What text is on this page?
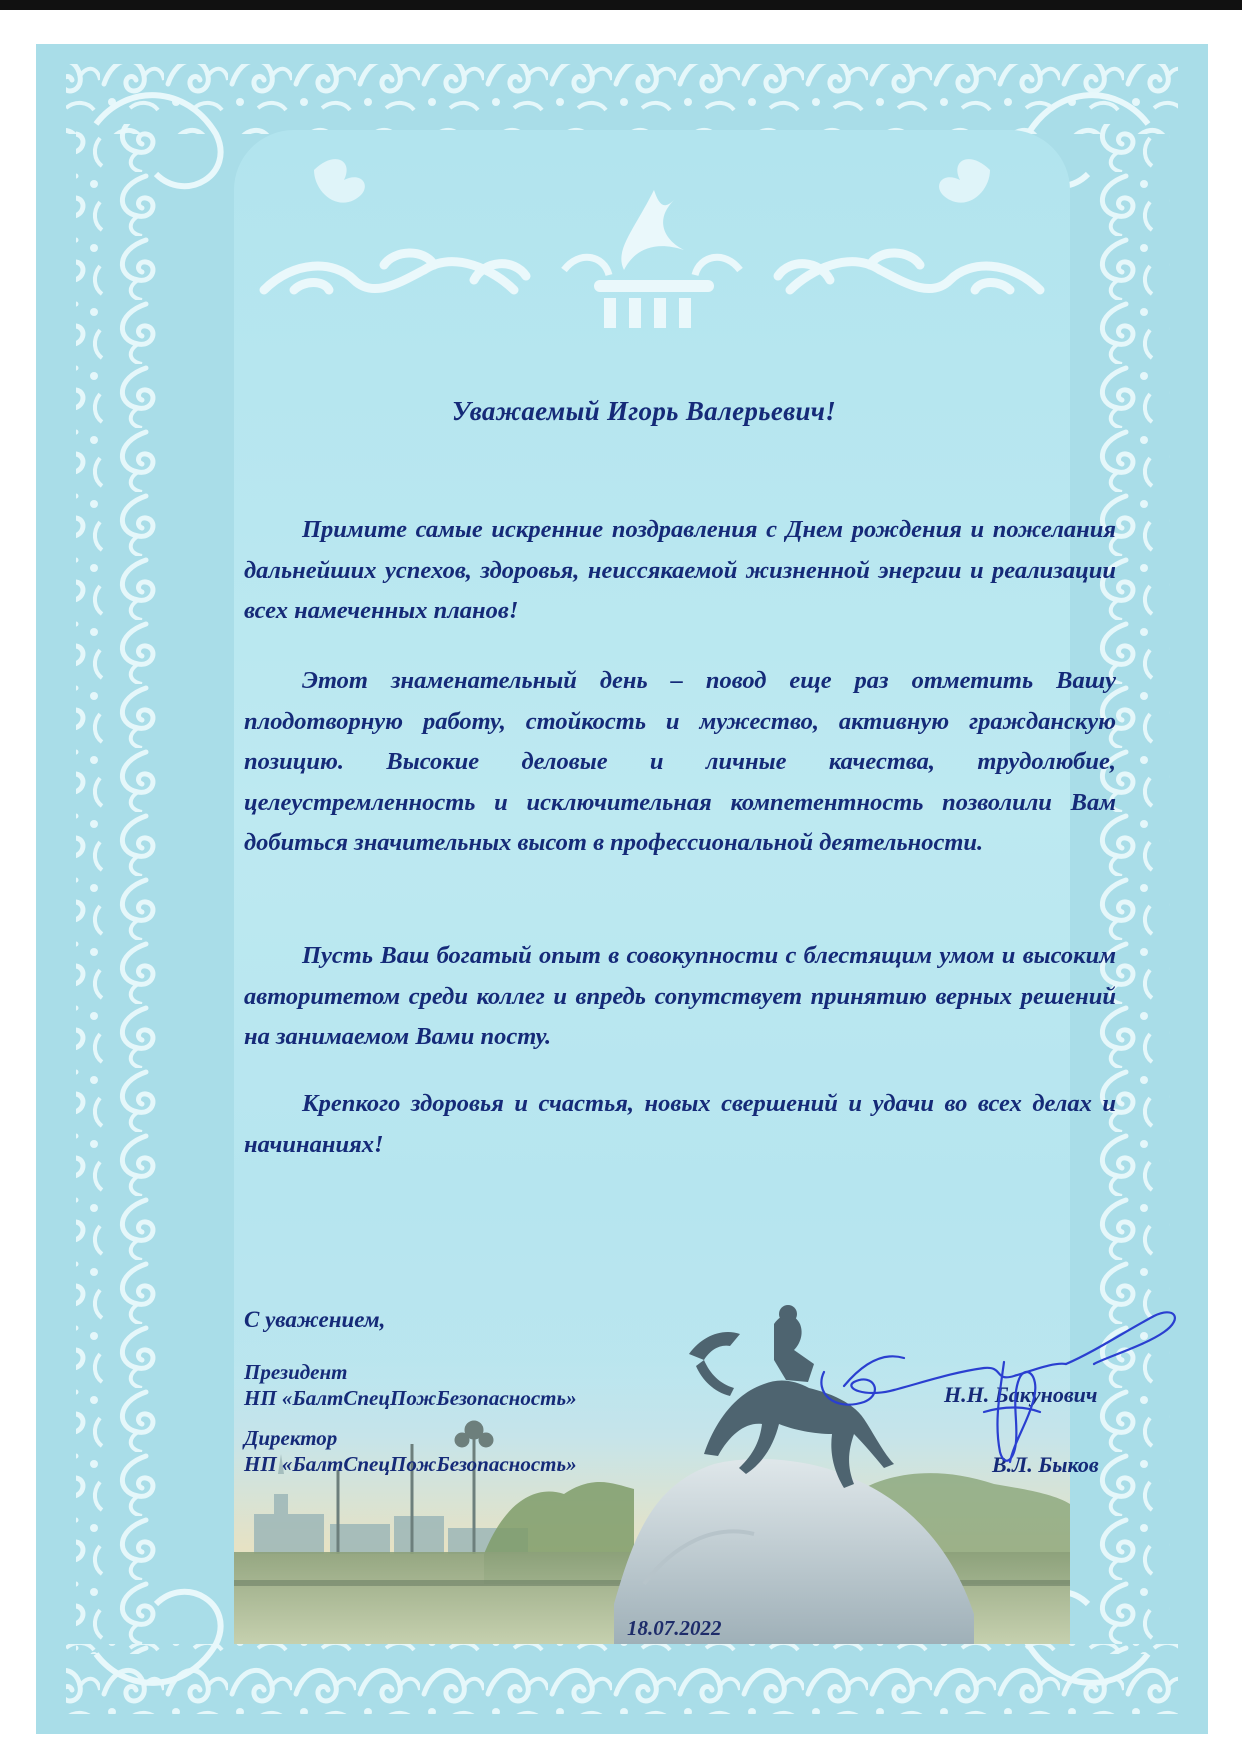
Уважаемый Игорь Валерьевич!

Примите самые искренние поздравления с Днем рождения и пожелания дальнейших успехов, здоровья, неиссякаемой жизненной энергии и реализации всех намеченных планов!

Этот знаменательный день – повод еще раз отметить Вашу плодотворную работу, стойкость и мужество, активную гражданскую позицию. Высокие деловые и личные качества, трудолюбие, целеустремленность и исключительная компетентность позволили Вам добиться значительных высот в профессиональной деятельности.

Пусть Ваш богатый опыт в совокупности с блестящим умом и высоким авторитетом среди коллег и впредь сопутствует принятию верных решений на занимаемом Вами посту.

Крепкого здоровья и счастья, новых свершений и удачи во всех делах и начинаниях!

С уважением,
Президент
НП «БалтСпецПожБезопасность»	Н.Н. Бакунович
Директор
НП «БалтСпецПожБезопасность»	В.Л. Быков
18.07.2022
